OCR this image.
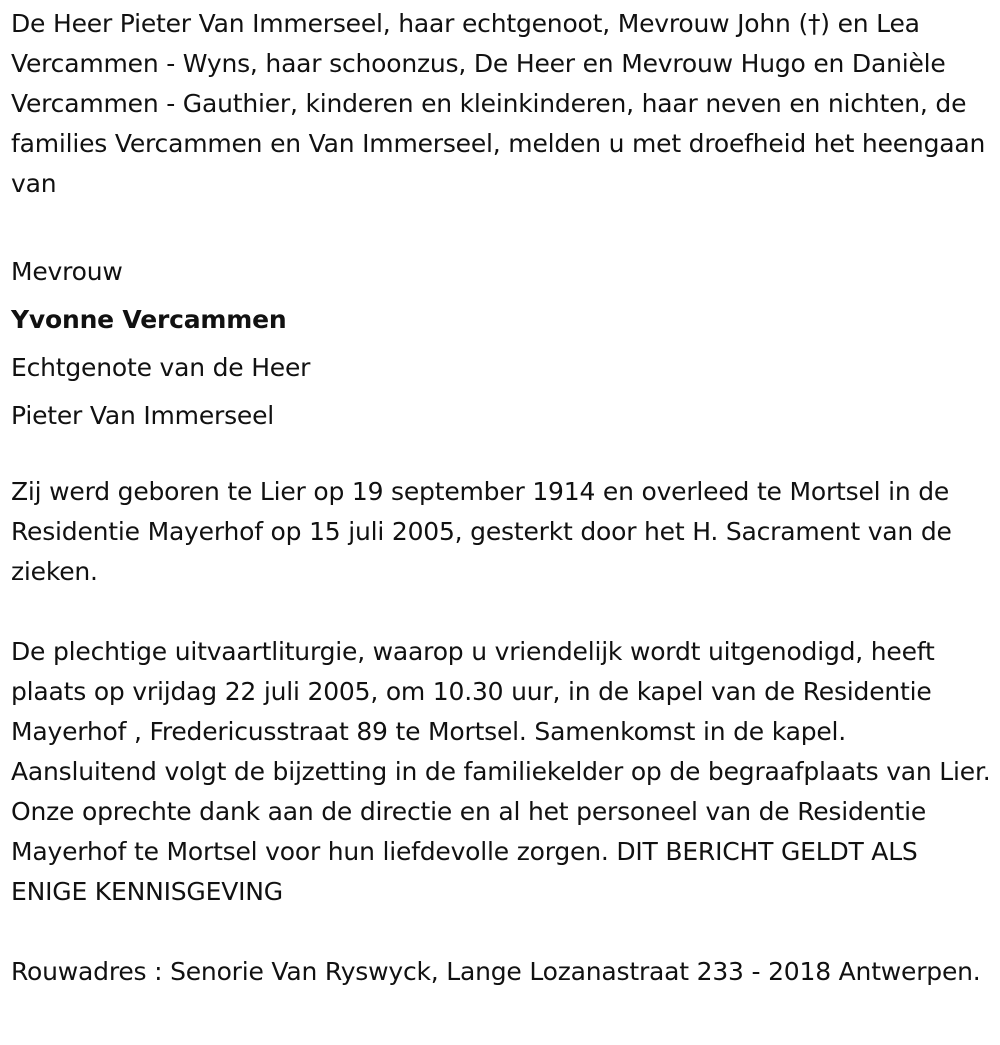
De Heer Pieter Van Immerseel, haar echtgenoot, Mevrouw John (†) en Lea Vercammen - Wyns, haar schoonzus, De Heer en Mevrouw Hugo en Danièle Vercammen - Gauthier, kinderen en kleinkinderen, haar neven en nichten, de families Vercammen en Van Immerseel, melden u met droefheid het heengaan van

Mevrouw

Yvonne Vercammen

Echtgenote van de Heer

Pieter Van Immerseel

Zij werd geboren te Lier op 19 september 1914 en overleed te Mortsel in de Residentie Mayerhof op 15 juli 2005, gesterkt door het H. Sacrament van de zieken.

De plechtige uitvaartliturgie, waarop u vriendelijk wordt uitgenodigd, heeft plaats op vrijdag 22 juli 2005, om 10.30 uur, in de kapel van de Residentie Mayerhof , Fredericusstraat 89 te Mortsel. Samenkomst in de kapel. Aansluitend volgt de bijzetting in de familiekelder op de begraafplaats van Lier. Onze oprechte dank aan de directie en al het personeel van de Residentie Mayerhof te Mortsel voor hun liefdevolle zorgen. DIT BERICHT GELDT ALS ENIGE KENNISGEVING

Rouwadres : Senorie Van Ryswyck, Lange Lozanastraat 233 - 2018 Antwerpen.
